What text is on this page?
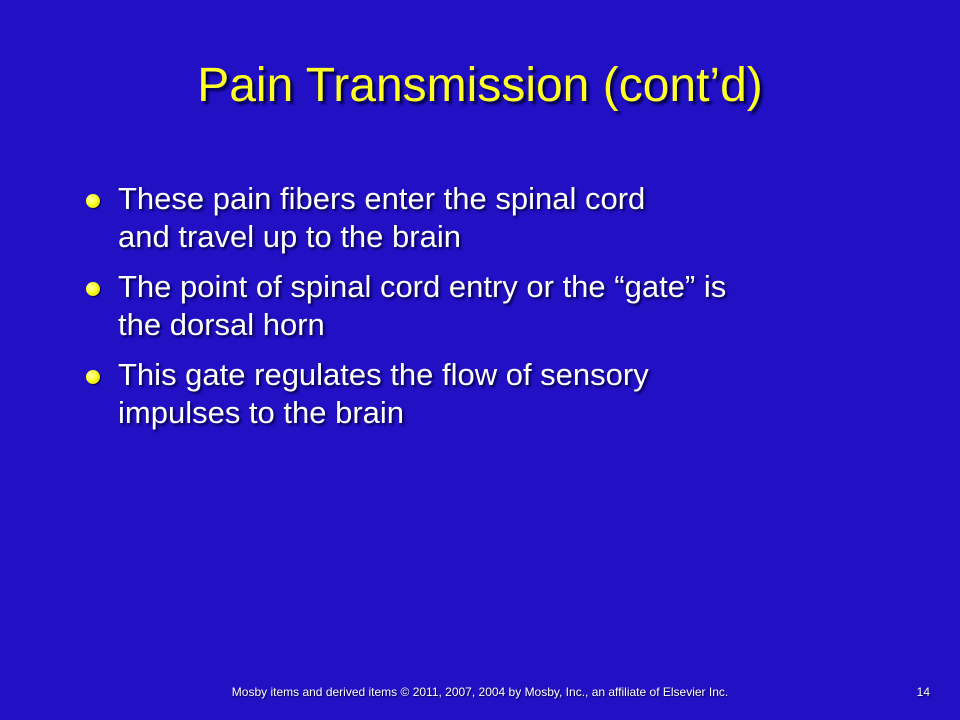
Pain Transmission (cont’d)
These pain fibers enter the spinal cord
and travel up to the brain
The point of spinal cord entry or the “gate” is
the dorsal horn
This gate regulates the flow of sensory
impulses to the brain
Mosby items and derived items © 2011, 2007, 2004 by Mosby, Inc., an affiliate of Elsevier Inc.	14
